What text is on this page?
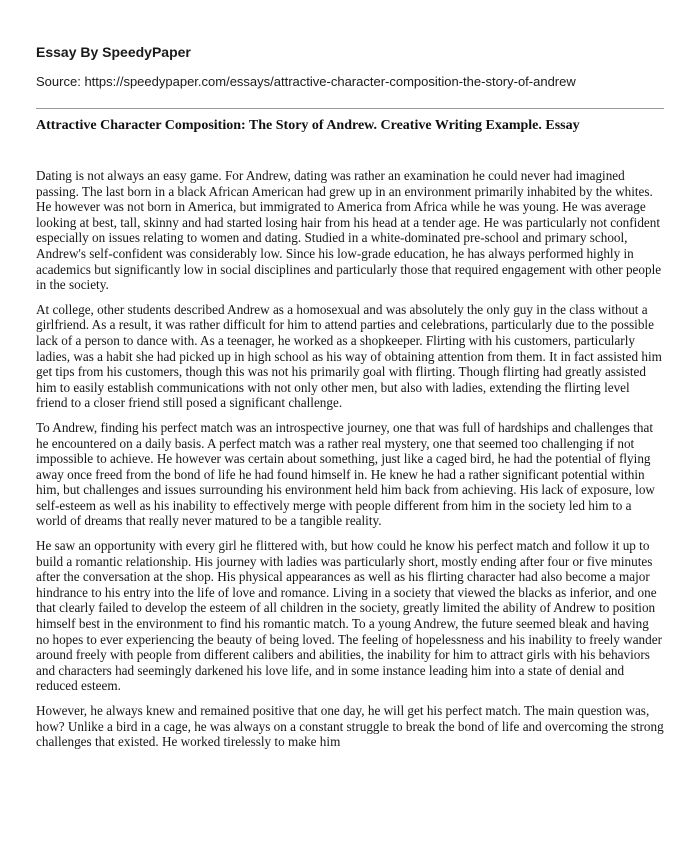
Essay By SpeedyPaper
Source: https://speedypaper.com/essays/attractive-character-composition-the-story-of-andrew
Attractive Character Composition: The Story of Andrew. Creative Writing Example. Essay

Dating is not always an easy game. For Andrew, dating was rather an examination he could never had imagined passing. The last born in a black African American had grew up in an environment primarily inhabited by the whites. He however was not born in America, but immigrated to America from Africa while he was young. He was average looking at best, tall, skinny and had started losing hair from his head at a tender age. He was particularly not confident especially on issues relating to women and dating. Studied in a white-dominated pre-school and primary school, Andrew's self-confident was considerably low. Since his low-grade education, he has always performed highly in academics but significantly low in social disciplines and particularly those that required engagement with other people in the society.

At college, other students described Andrew as a homosexual and was absolutely the only guy in the class without a girlfriend. As a result, it was rather difficult for him to attend parties and celebrations, particularly due to the possible lack of a person to dance with. As a teenager, he worked as a shopkeeper. Flirting with his customers, particularly ladies, was a habit she had picked up in high school as his way of obtaining attention from them. It in fact assisted him get tips from his customers, though this was not his primarily goal with flirting. Though flirting had greatly assisted him to easily establish communications with not only other men, but also with ladies, extending the flirting level friend to a closer friend still posed a significant challenge.

To Andrew, finding his perfect match was an introspective journey, one that was full of hardships and challenges that he encountered on a daily basis. A perfect match was a rather real mystery, one that seemed too challenging if not impossible to achieve. He however was certain about something, just like a caged bird, he had the potential of flying away once freed from the bond of life he had found himself in. He knew he had a rather significant potential within him, but challenges and issues surrounding his environment held him back from achieving. His lack of exposure, low self-esteem as well as his inability to effectively merge with people different from him in the society led him to a world of dreams that really never matured to be a tangible reality.

He saw an opportunity with every girl he flittered with, but how could he know his perfect match and follow it up to build a romantic relationship. His journey with ladies was particularly short, mostly ending after four or five minutes after the conversation at the shop. His physical appearances as well as his flirting character had also become a major hindrance to his entry into the life of love and romance. Living in a society that viewed the blacks as inferior, and one that clearly failed to develop the esteem of all children in the society, greatly limited the ability of Andrew to position himself best in the environment to find his romantic match. To a young Andrew, the future seemed bleak and having no hopes to ever experiencing the beauty of being loved. The feeling of hopelessness and his inability to freely wander around freely with people from different calibers and abilities, the inability for him to attract girls with his behaviors and characters had seemingly darkened his love life, and in some instance leading him into a state of denial and reduced esteem.

However, he always knew and remained positive that one day, he will get his perfect match. The main question was, how? Unlike a bird in a cage, he was always on a constant struggle to break the bond of life and overcoming the strong challenges that existed. He worked tirelessly to make him
